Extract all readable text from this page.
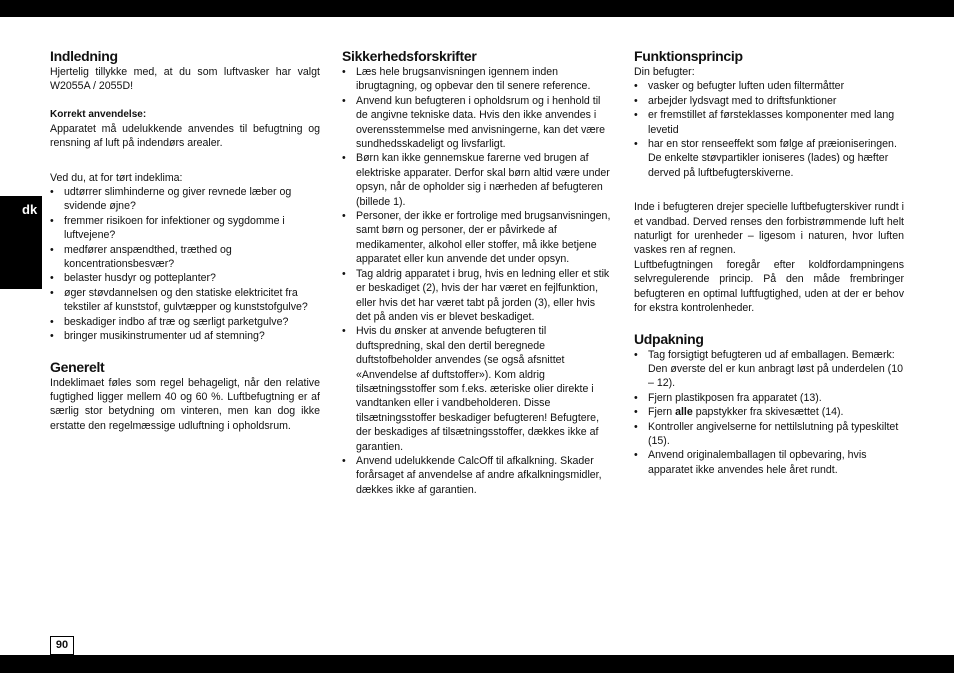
dk
90
Indledning

Hjertelig tillykke med, at du som luftvasker har valgt W2055A / 2055D!

Korrekt anvendelse:

Apparatet må udelukkende anvendes til befugtning og rensning af luft på indendørs arealer.

Ved du, at for tørt indeklima:

• udtørrer slimhinderne og giver revnede læber og svidende øjne?
• fremmer risikoen for infektioner og sygdomme i luftvejene?
• medfører anspændthed, træthed og koncentrationsbesvær?
• belaster husdyr og potteplanter?
• øger støvdannelsen og den statiske elektricitet fra tekstiler af kunststof, gulvtæpper og kunststofgulve?
• beskadiger indbo af træ og særligt parketgulve?
• bringer musikinstrumenter ud af stemning?
Generelt

Indeklimaet føles som regel behageligt, når den relative fugtighed ligger mellem 40 og 60 %. Luftbefugtning er af særlig stor betydning om vinteren, men kan dog ikke erstatte den regelmæssige udluftning i opholdsrum.

Sikkerhedsforskrifter
• Læs hele brugsanvisningen igennem inden ibrugtagning, og opbevar den til senere reference.
• Anvend kun befugteren i opholdsrum og i henhold til de angivne tekniske data. Hvis den ikke anvendes i overensstemmelse med anvisningerne, kan det være sundhedsskadeligt og livsfarligt.
• Børn kan ikke gennemskue farerne ved brugen af elektriske apparater. Derfor skal børn altid være under opsyn, når de opholder sig i nærheden af befugteren (billede 1).
• Personer, der ikke er fortrolige med brugsanvisningen, samt børn og personer, der er påvirkede af medikamenter, alkohol eller stoffer, må ikke betjene apparatet eller kun anvende det under opsyn.
• Tag aldrig apparatet i brug, hvis en ledning eller et stik er beskadiget (2), hvis der har været en fejlfunktion, eller hvis det har været tabt på jorden (3), eller hvis det på anden vis er blevet beskadiget.
• Hvis du ønsker at anvende befugteren til duftspredning, skal den dertil beregnede duftstofbeholder anvendes (se også afsnittet «Anvendelse af duftstoffer»). Kom aldrig tilsætningsstoffer som f.eks. æteriske olier direkte i vandtanken eller i vandbeholderen. Disse tilsætningsstoffer beskadiger befugteren! Befugtere, der beskadiges af tilsætningsstoffer, dækkes ikke af garantien.
• Anvend udelukkende CalcOff til afkalkning. Skader forårsaget af anvendelse af andre afkalkningsmidler, dækkes ikke af garantien.
Funktionsprincip

Din befugter:

• vasker og befugter luften uden filtermåtter
• arbejder lydsvagt med to driftsfunktioner
• er fremstillet af førsteklasses komponenter med lang levetid
• har en stor renseeffekt som følge af præioniseringen. De enkelte støvpartikler ioniseres (lades) og hæfter derved på luftbefugterskiverne.

Inde i befugteren drejer specielle luftbefugterskiver rundt i et vandbad. Derved renses den forbistrømmende luft helt naturligt for urenheder – ligesom i naturen, hvor luften vaskes ren af regnen.

Luftbefugtningen foregår efter koldfordampningens selvregulerende princip. På den måde frembringer befugteren en optimal luftfugtighed, uden at der er behov for ekstra kontrolenheder.

Udpakning
• Tag forsigtigt befugteren ud af emballagen. Bemærk: Den øverste del er kun anbragt løst på underdelen (10 – 12).
• Fjern plastikposen fra apparatet (13).
• Fjern alle papstykker fra skivesættet (14).
• Kontroller angivelserne for nettilslutning på typeskiltet (15).
• Anvend originalemballagen til opbevaring, hvis apparatet ikke anvendes hele året rundt.
